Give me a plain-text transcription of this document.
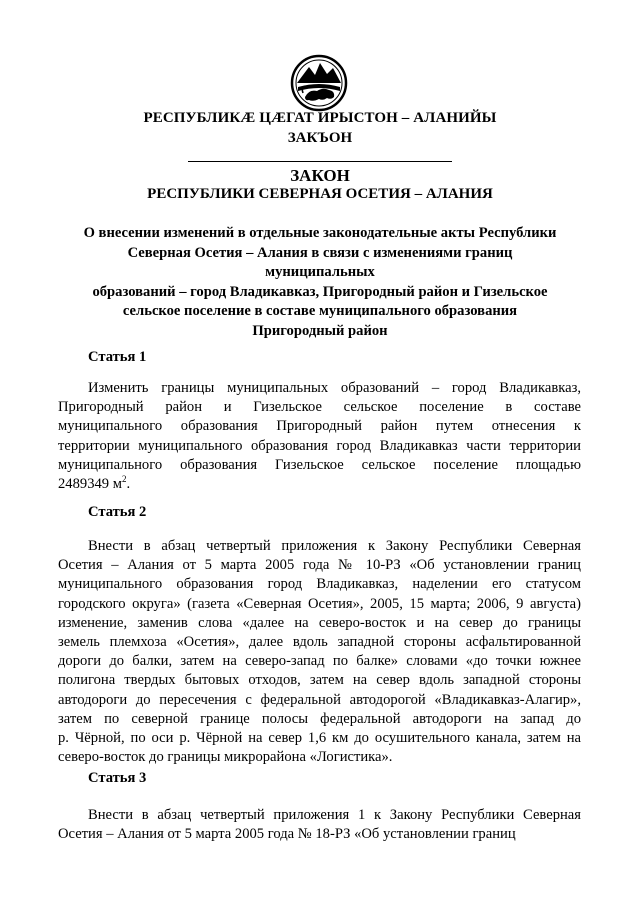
РЕСПУБЛИКӔ ЦӔГАТ ИРЫСТОН – АЛАНИЙЫ
ЗАКЪОН
ЗАКОН
РЕСПУБЛИКИ СЕВЕРНАЯ ОСЕТИЯ – АЛАНИЯ
О внесении изменений в отдельные законодательные акты Республики
Северная Осетия – Алания в связи с изменениями границ муниципальных
образований – город Владикавказ, Пригородный район и Гизельское
сельское поселение в составе муниципального образования
Пригородный район
Статья 1
Изменить границы муниципальных образований – город Владикавказ,
Пригородный район и Гизельское сельское поселение в составе
муниципального образования Пригородный район путем отнесения к
территории муниципального образования город Владикавказ части территории
муниципального образования Гизельское сельское поселение площадью
2489349 $м^2$.
Статья 2
Внести в абзац четвертый приложения к Закону Республики Северная
Осетия – Алания от 5 марта 2005 года № 10-РЗ «Об установлении границ
муниципального образования город Владикавказ, наделении его статусом
городского округа» (газета «Северная Осетия», 2005, 15 марта; 2006, 9 августа)
изменение, заменив слова «далее на северо-восток и на север до границы
земель племхоза «Осетия», далее вдоль западной стороны асфальтированной
дороги до балки, затем на северо-запад по балке» словами «до точки южнее
полигона твердых бытовых отходов, затем на север вдоль западной стороны
автодороги до пересечения с федеральной автодорогой «Владикавказ-Алагир»,
затем по северной границе полосы федеральной автодороги на запад до
р. Чёрной, по оси р. Чёрной на север 1,6 км до осушительного канала, затем на
северо-восток до границы микрорайона «Логистика».
Статья 3
Внести в абзац четвертый приложения 1 к Закону Республики Северная
Осетия – Алания от 5 марта 2005 года № 18-РЗ «Об установлении границ
